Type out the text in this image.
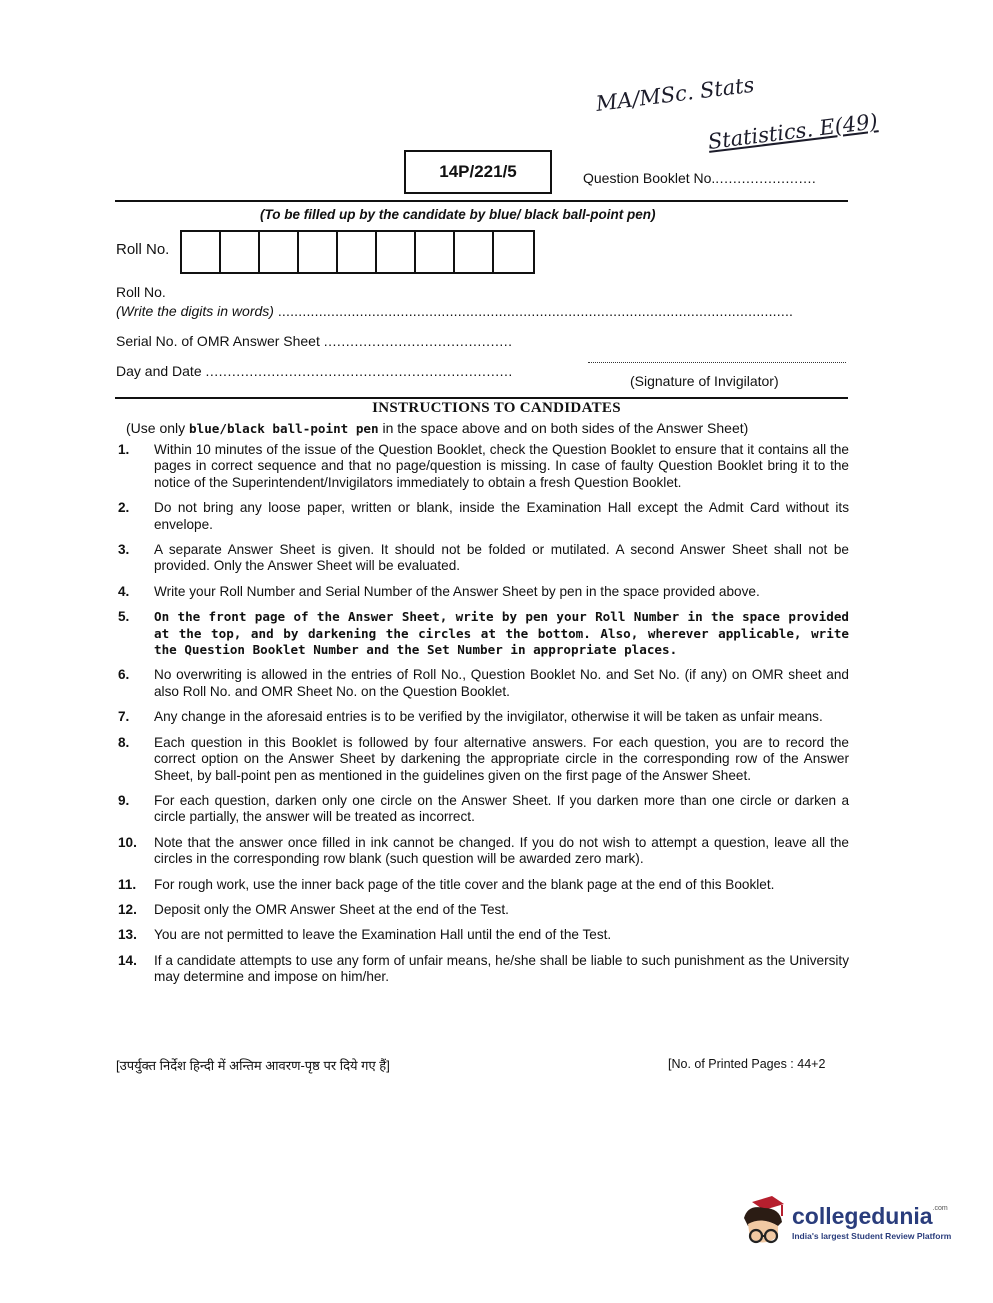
MA/MSc. Stats
Statistics. E(49)
14P/221/5	Question Booklet No........................
(To be filled up by the candidate by blue/ black ball-point pen)
Roll No.
Roll No.
(Write the digits in words) ..............................................................................................................................
Serial No. of OMR Answer Sheet ...........................................
Day and Date ......................................................................
(Signature of Invigilator)
INSTRUCTIONS TO CANDIDATES
(Use only blue/black ball-point pen in the space above and on both sides of the Answer Sheet)
1. Within 10 minutes of the issue of the Question Booklet, check the Question Booklet to ensure that it contains all the pages in correct sequence and that no page/question is missing. In case of faulty Question Booklet bring it to the notice of the Superintendent/Invigilators immediately to obtain a fresh Question Booklet.
2. Do not bring any loose paper, written or blank, inside the Examination Hall except the Admit Card without its envelope.
3. A separate Answer Sheet is given. It should not be folded or mutilated. A second Answer Sheet shall not be provided. Only the Answer Sheet will be evaluated.
4. Write your Roll Number and Serial Number of the Answer Sheet by pen in the space provided above.
5. On the front page of the Answer Sheet, write by pen your Roll Number in the space provided at the top, and by darkening the circles at the bottom. Also, wherever applicable, write the Question Booklet Number and the Set Number in appropriate places.
6. No overwriting is allowed in the entries of Roll No., Question Booklet No. and Set No. (if any) on OMR sheet and also Roll No. and OMR Sheet No. on the Question Booklet.
7. Any change in the aforesaid entries is to be verified by the invigilator, otherwise it will be taken as unfair means.
8. Each question in this Booklet is followed by four alternative answers. For each question, you are to record the correct option on the Answer Sheet by darkening the appropriate circle in the corresponding row of the Answer Sheet, by ball-point pen as mentioned in the guidelines given on the first page of the Answer Sheet.
9. For each question, darken only one circle on the Answer Sheet. If you darken more than one circle or darken a circle partially, the answer will be treated as incorrect.
10. Note that the answer once filled in ink cannot be changed. If you do not wish to attempt a question, leave all the circles in the corresponding row blank (such question will be awarded zero mark).
11. For rough work, use the inner back page of the title cover and the blank page at the end of this Booklet.
12. Deposit only the OMR Answer Sheet at the end of the Test.
13. You are not permitted to leave the Examination Hall until the end of the Test.
14. If a candidate attempts to use any form of unfair means, he/she shall be liable to such punishment as the University may determine and impose on him/her.
[उपर्युक्त निर्देश हिन्दी में अन्तिम आवरण-पृष्ठ पर दिये गए हैं]	[No. of Printed Pages : 44+2
collegedunia$^{.com}$
India's largest Student Review Platform
